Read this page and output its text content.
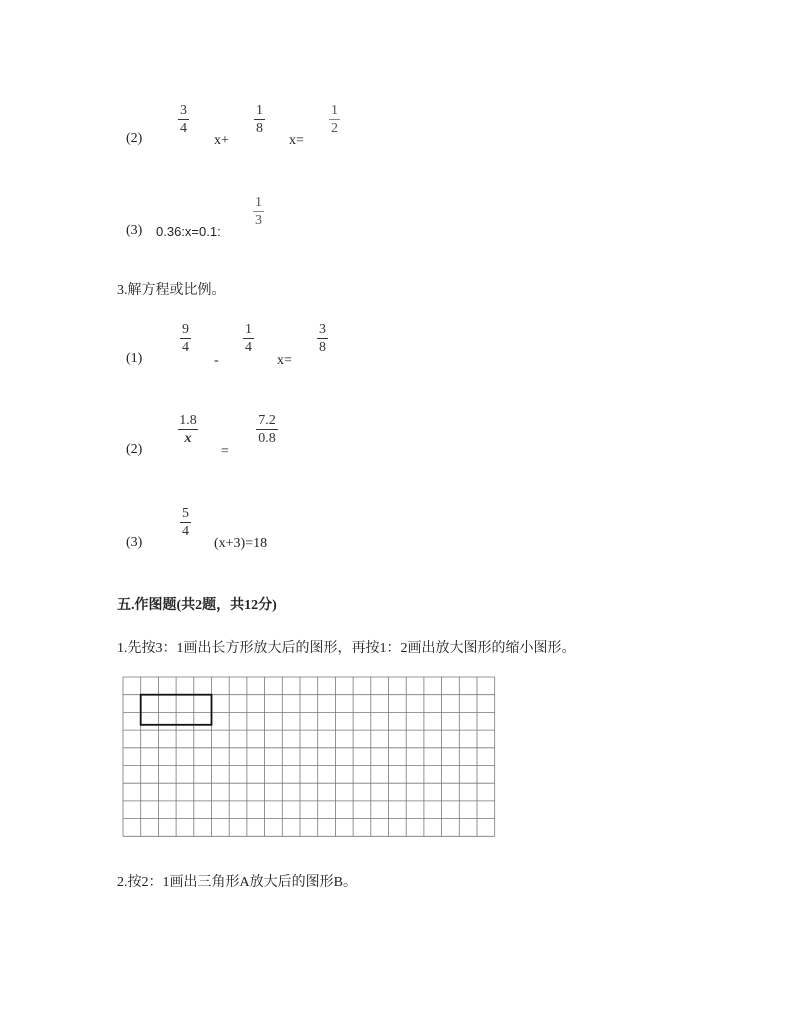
(2)
3
4
x+
1
8
x=
1
2
(3) 0.36:x=0.1:
1
3
3.解方程或比例。
(1)
9
4
-
1
4
x=
3
8
(2)
1.8
x
=
7.2
0.8
(3)
5
4
(x+3)=18
五.作图题(共2题，共12分)
1.先按3：1画出长方形放大后的图形，再按1：2画出放大图形的缩小图形。
2.按2：1画出三角形A放大后的图形B。
